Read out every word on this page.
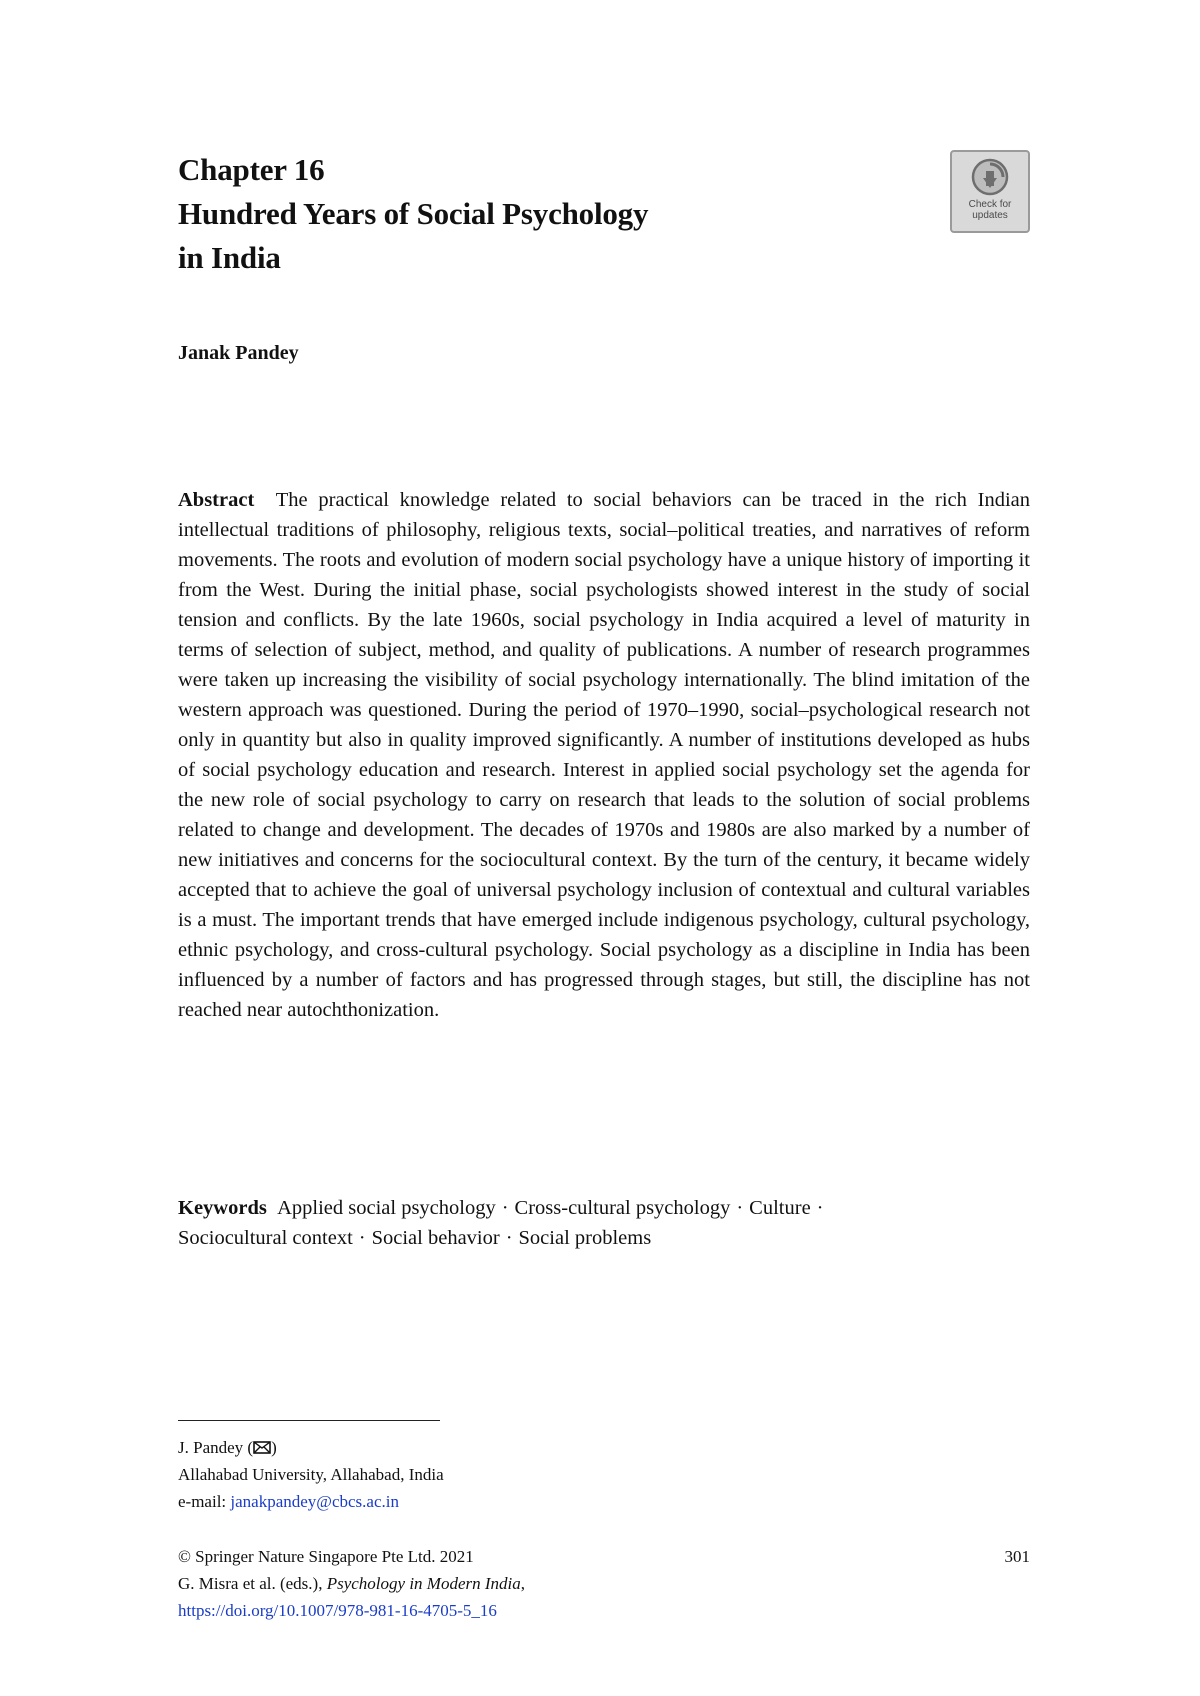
Chapter 16
Hundred Years of Social Psychology
in India
Check for updates
Janak Pandey
Abstract The practical knowledge related to social behaviors can be traced in the rich Indian intellectual traditions of philosophy, religious texts, social–political treaties, and narratives of reform movements. The roots and evolution of modern social psychology have a unique history of importing it from the West. During the initial phase, social psychologists showed interest in the study of social tension and conflicts. By the late 1960s, social psychology in India acquired a level of maturity in terms of selection of subject, method, and quality of publications. A number of research programmes were taken up increasing the visibility of social psychology internationally. The blind imitation of the western approach was questioned. During the period of 1970–1990, social–psychological research not only in quantity but also in quality improved significantly. A number of institutions developed as hubs of social psychology education and research. Interest in applied social psychology set the agenda for the new role of social psychology to carry on research that leads to the solution of social problems related to change and development. The decades of 1970s and 1980s are also marked by a number of new initiatives and concerns for the sociocultural context. By the turn of the century, it became widely accepted that to achieve the goal of universal psychology inclusion of contextual and cultural variables is a must. The important trends that have emerged include indigenous psychology, cultural psychology, ethnic psychology, and cross-cultural psychology. Social psychology as a discipline in India has been influenced by a number of factors and has progressed through stages, but still, the discipline has not reached near autochthonization.
Keywords Applied social psychology · Cross-cultural psychology · Culture ·
Sociocultural context · Social behavior · Social problems
J. Pandey ( )
Allahabad University, Allahabad, India
e-mail: janakpandey@cbcs.ac.in
© Springer Nature Singapore Pte Ltd. 2021
G. Misra et al. (eds.), Psychology in Modern India,
https://doi.org/10.1007/978-981-16-4705-5_16
301
